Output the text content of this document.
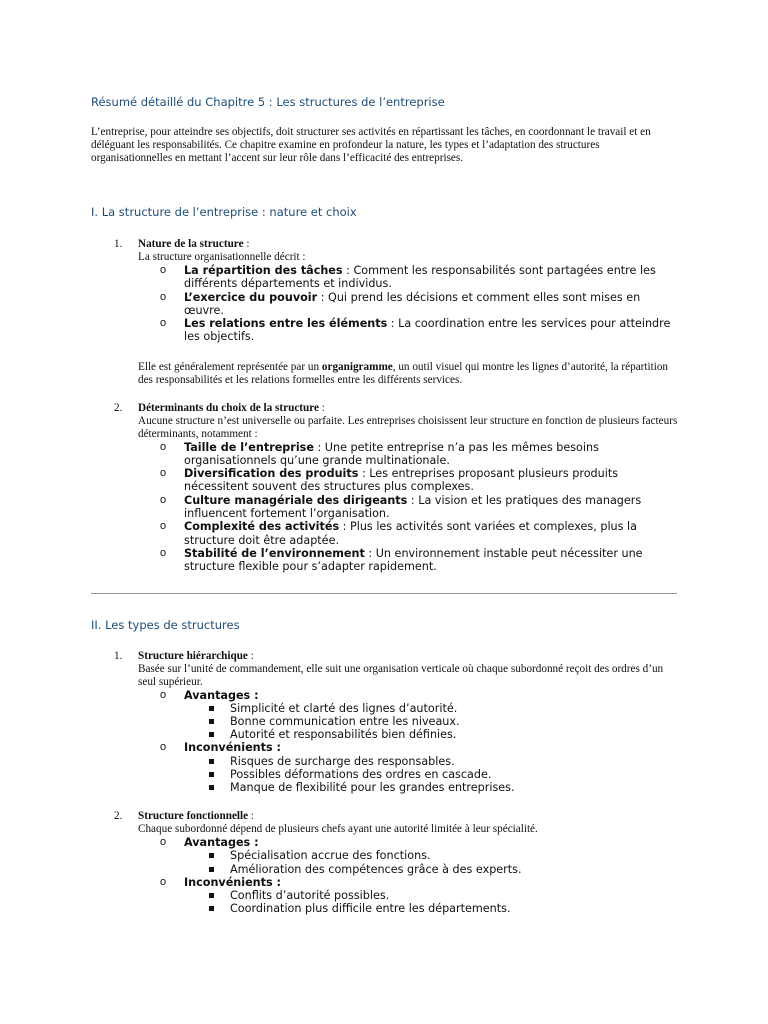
Résumé détaillé du Chapitre 5 : Les structures de l’entreprise
L’entreprise, pour atteindre ses objectifs, doit structurer ses activités en répartissant les tâches, en coordonnant le travail et en déléguant les responsabilités. Ce chapitre examine en profondeur la nature, les types et l’adaptation des structures organisationnelles en mettant l’accent sur leur rôle dans l’efficacité des entreprises.
I. La structure de l’entreprise : nature et choix
1. Nature de la structure :
La structure organisationnelle décrit :
o La répartition des tâches : Comment les responsabilités sont partagées entre les différents départements et individus.
o L’exercice du pouvoir : Qui prend les décisions et comment elles sont mises en œuvre.
o Les relations entre les éléments : La coordination entre les services pour atteindre les objectifs.
Elle est généralement représentée par un organigramme, un outil visuel qui montre les lignes d’autorité, la répartition des responsabilités et les relations formelles entre les différents services.
2. Déterminants du choix de la structure :
Aucune structure n’est universelle ou parfaite. Les entreprises choisissent leur structure en fonction de plusieurs facteurs déterminants, notamment :
o Taille de l’entreprise : Une petite entreprise n’a pas les mêmes besoins organisationnels qu’une grande multinationale.
o Diversification des produits : Les entreprises proposant plusieurs produits nécessitent souvent des structures plus complexes.
o Culture managériale des dirigeants : La vision et les pratiques des managers influencent fortement l’organisation.
o Complexité des activités : Plus les activités sont variées et complexes, plus la structure doit être adaptée.
o Stabilité de l’environnement : Un environnement instable peut nécessiter une structure flexible pour s’adapter rapidement.
II. Les types de structures
1. Structure hiérarchique :
Basée sur l’unité de commandement, elle suit une organisation verticale où chaque subordonné reçoit des ordres d’un seul supérieur.
o Avantages :
Simplicité et clarté des lignes d’autorité.
Bonne communication entre les niveaux.
Autorité et responsabilités bien définies.
o Inconvénients :
Risques de surcharge des responsables.
Possibles déformations des ordres en cascade.
Manque de flexibilité pour les grandes entreprises.
2. Structure fonctionnelle :
Chaque subordonné dépend de plusieurs chefs ayant une autorité limitée à leur spécialité.
o Avantages :
Spécialisation accrue des fonctions.
Amélioration des compétences grâce à des experts.
o Inconvénients :
Conflits d’autorité possibles.
Coordination plus difficile entre les départements.
